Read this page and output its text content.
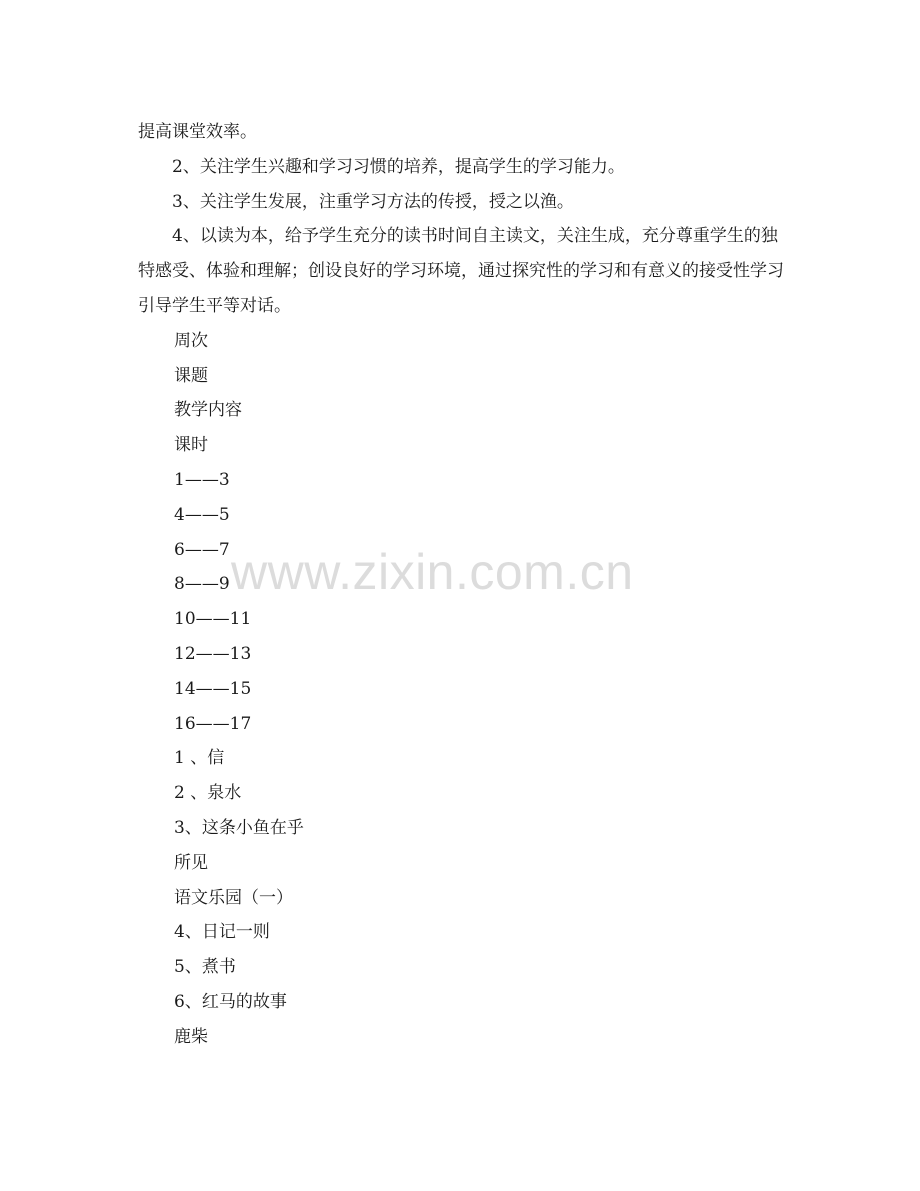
提高课堂效率。

2、关注学生兴趣和学习习惯的培养，提高学生的学习能力。

3、关注学生发展，注重学习方法的传授，授之以渔。

4、以读为本，给予学生充分的读书时间自主读文，关注生成，充分尊重学生的独特感受、体验和理解；创设良好的学习环境，通过探究性的学习和有意义的接受性学习引导学生平等对话。

周次

课题

教学内容

课时

1——3

4——5

6——7

8——9

10——11

12——13

14——15

16——17

1 、信

2 、泉水

3、这条小鱼在乎

所见

语文乐园（一）

4、日记一则

5、煮书

6、红马的故事

鹿柴

www.zixin.com.cn
